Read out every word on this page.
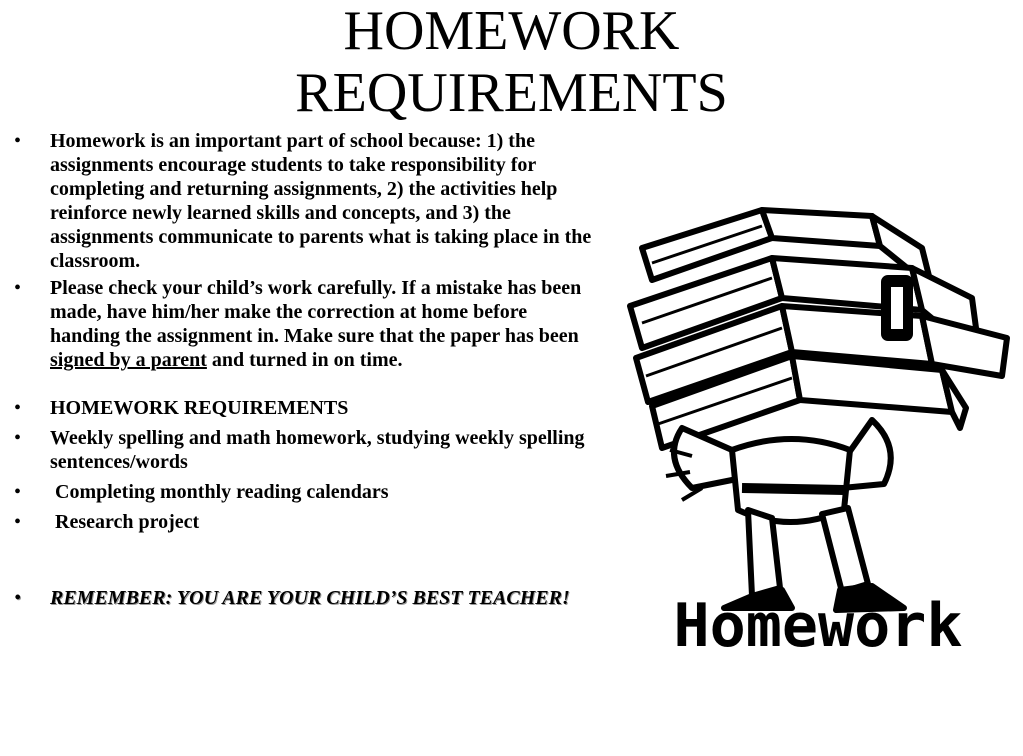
HOMEWORK
REQUIREMENTS

• Homework is an important part of school because: 1) the assignments encourage students to take responsibility for completing and returning assignments, 2) the activities help reinforce newly learned skills and concepts, and 3) the assignments communicate to parents what is taking place in the classroom.

• Please check your child’s work carefully. If a mistake has been made, have him/her make the correction at home before handing the assignment in. Make sure that the paper has been signed by a parent and turned in on time.

• HOMEWORK REQUIREMENTS

• Weekly spelling and math homework, studying weekly spelling sentences/words

•  Completing monthly reading calendars

•  Research project

• REMEMBER: YOU ARE YOUR CHILD’S BEST TEACHER!	Homework
